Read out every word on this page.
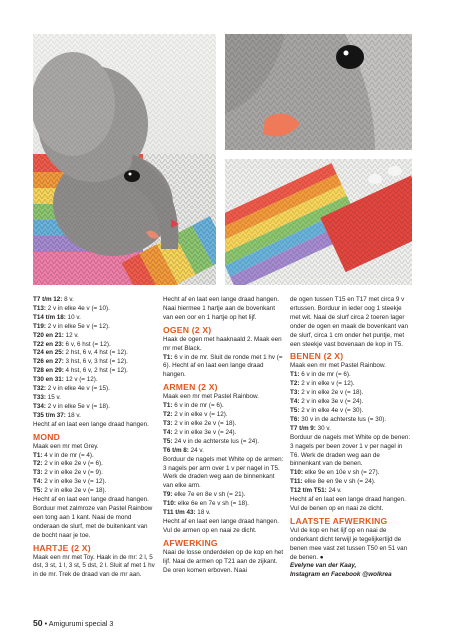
T7 t/m 12: 8 v.

T13: 2 v in elke 4e v (= 10).

T14 t/m 18: 10 v.

T19: 2 v in elke 5e v (= 12).

T20 en 21: 12 v.

T22 en 23: 6 v, 6 hst (= 12).

T24 en 25: 2 hst, 6 v, 4 hst (= 12).

T26 en 27: 3 hst, 6 v, 3 hst (= 12).

T28 en 29: 4 hst, 6 v, 2 hst (= 12).

T30 en 31: 12 v (= 12).

T32: 2 v in elke 4e v (= 15).

T33: 15 v.

T34: 2 v in elke 5e v (= 18).

T35 t/m 37: 18 v.

Hecht af en laat een lange draad hangen.

MOND

Maak een mr met Grey.

T1: 4 v in de mr (= 4).

T2: 2 v in elke 2e v (= 6).

T3: 2 v in elke 2e v (= 9).

T4: 2 v in elke 3e v (= 12).

T5: 2 v in elke 2e v (= 18).

Hecht af en laat een lange draad hangen. Borduur met zalmroze van Pastel Rainbow een tong aan 1 kant. Naai de mond onderaan de slurf, met de buitenkant van de bocht naar je toe.

HARTJE (2 X)

Maak een mr met Toy. Haak in de mr: 2 l, 5 dst, 3 st, 1 l, 3 st, 5 dst, 2 l. Sluit af met 1 hv in de mr. Trek de draad van de mr aan.

Hecht af en laat een lange draad hangen. Naai hiermee 1 hartje aan de bovenkant van een oor en 1 hartje op het lijf.

OGEN (2 X)

Haak de ogen met haaknaald 2. Maak een mr met Black.

T1: 6 v in de mr. Sluit de ronde met 1 hv (= 6). Hecht af en laat een lange draad hangen.

ARMEN (2 X)

Maak een mr met Pastel Rainbow.

T1: 6 v in de mr (= 6).

T2: 2 v in elke v (= 12).

T3: 2 v in elke 2e v (= 18).

T4: 2 v in elke 3e v (= 24).

T5: 24 v in de achterste lus (= 24).

T6 t/m 8: 24 v.

Borduur de nagels met White op de armen: 3 nagels per arm over 1 v per nagel in T5. Werk de draden weg aan de binnenkant van elke arm.

T9: elke 7e en 8e v sh (= 21).

T10: elke 6e en 7e v sh (= 18).

T11 t/m 43: 18 v.

Hecht af en laat een lange draad hangen. Vul de armen op en naai ze dicht.

AFWERKING

Naai de losse onderdelen op de kop en het lijf. Naai de armen op T21 aan de zijkant. De oren komen erboven. Naai

de ogen tussen T15 en T17 met circa 9 v ertussen. Borduur in ieder oog 1 steekje met wit. Naai de slurf circa 2 toeren lager onder de ogen en maak de bovenkant van de slurf, circa 1 cm onder het puntje, met een steekje vast bovenaan de kop in T5.

BENEN (2 X)

Maak een mr met Pastel Rainbow.

T1: 6 v in de mr (= 6).

T2: 2 v in elke v (= 12).

T3: 2 v in elke 2e v (= 18).

T4: 2 v in elke 3e v (= 24).

T5: 2 v in elke 4e v (= 30).

T6: 30 v in de achterste lus (= 30).

T7 t/m 9: 30 v.

Borduur de nagels met White op de benen: 3 nagels per been zover 1 v per nagel in T6. Werk de draden weg aan de binnenkant van de benen.

T10: elke 9e en 10e v sh (= 27).

T11: elke 8e en 9e v sh (= 24).

T12 t/m T51: 24 v.

Hecht af en laat een lange draad hangen. Vul de benen op en naai ze dicht.

LAATSTE AFWERKING

Vul de kop en het lijf op en naai de onderkant dicht terwijl je tegelijkertijd de benen mee vast zet tussen T50 en 51 van de benen. ●

Evelyne van der Kaay,

Instagram en Facebook @wolkrea

50 • Amigurumi special 3
